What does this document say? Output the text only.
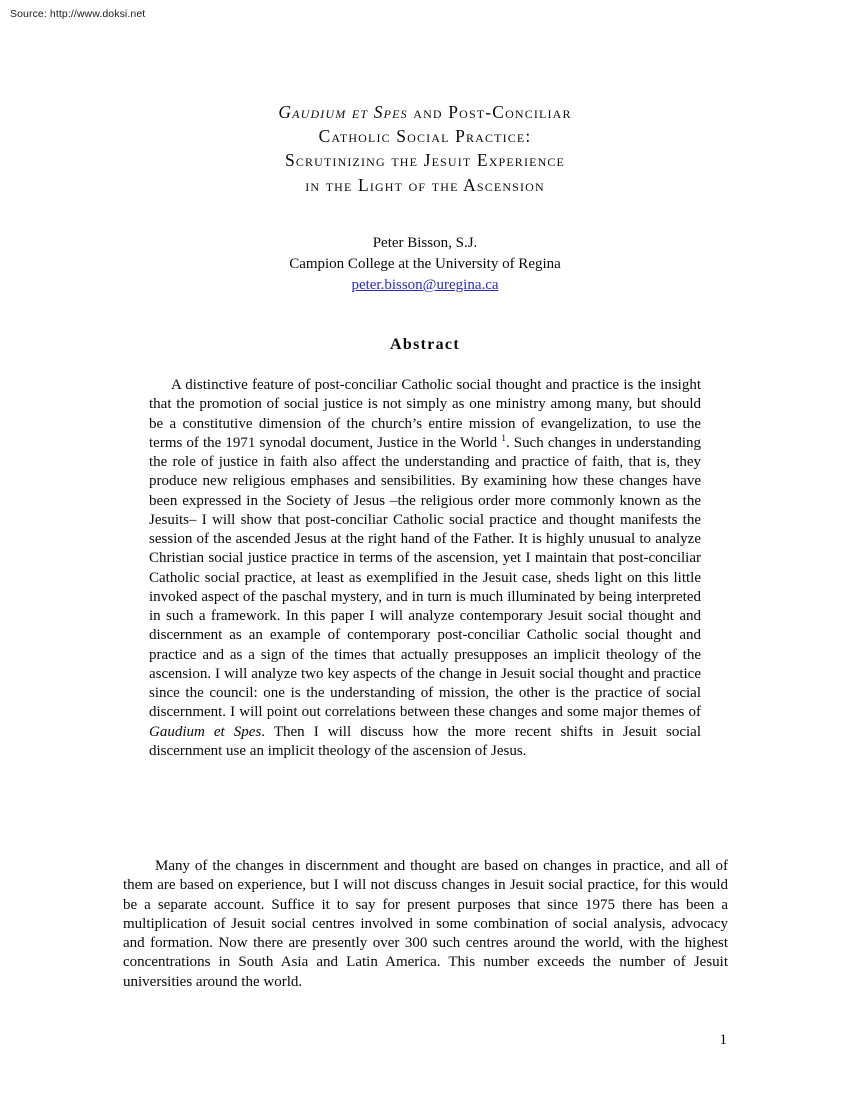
Source: http://www.doksi.net
Gaudium et Spes and Post-Conciliar
Catholic Social Practice:
Scrutinizing the Jesuit Experience
in the Light of the Ascension
Peter Bisson, S.J.
Campion College at the University of Regina
peter.bisson@uregina.ca
Abstract

A distinctive feature of post-conciliar Catholic social thought and practice is the insight that the promotion of social justice is not simply as one ministry among many, but should be a constitutive dimension of the church’s entire mission of evangelization, to use the terms of the 1971 synodal document, Justice in the World $^1$. Such changes in understanding the role of justice in faith also affect the understanding and practice of faith, that is, they produce new religious emphases and sensibilities. By examining how these changes have been expressed in the Society of Jesus –the religious order more commonly known as the Jesuits– I will show that post-conciliar Catholic social practice and thought manifests the session of the ascended Jesus at the right hand of the Father. It is highly unusual to analyze Christian social justice practice in terms of the ascension, yet I maintain that post-conciliar Catholic social practice, at least as exemplified in the Jesuit case, sheds light on this little invoked aspect of the paschal mystery, and in turn is much illuminated by being interpreted in such a framework. In this paper I will analyze contemporary Jesuit social thought and discernment as an example of contemporary post-conciliar Catholic social thought and practice and as a sign of the times that actually presupposes an implicit theology of the ascension. I will analyze two key aspects of the change in Jesuit social thought and practice since the council: one is the understanding of mission, the other is the practice of social discernment. I will point out correlations between these changes and some major themes of Gaudium et Spes. Then I will discuss how the more recent shifts in Jesuit social discernment use an implicit theology of the ascension of Jesus.

Many of the changes in discernment and thought are based on changes in practice, and all of them are based on experience, but I will not discuss changes in Jesuit social practice, for this would be a separate account. Suffice it to say for present purposes that since 1975 there has been a multiplication of Jesuit social centres involved in some combination of social analysis, advocacy and formation. Now there are presently over 300 such centres around the world, with the highest concentrations in South Asia and Latin America. This number exceeds the number of Jesuit universities around the world.

1
